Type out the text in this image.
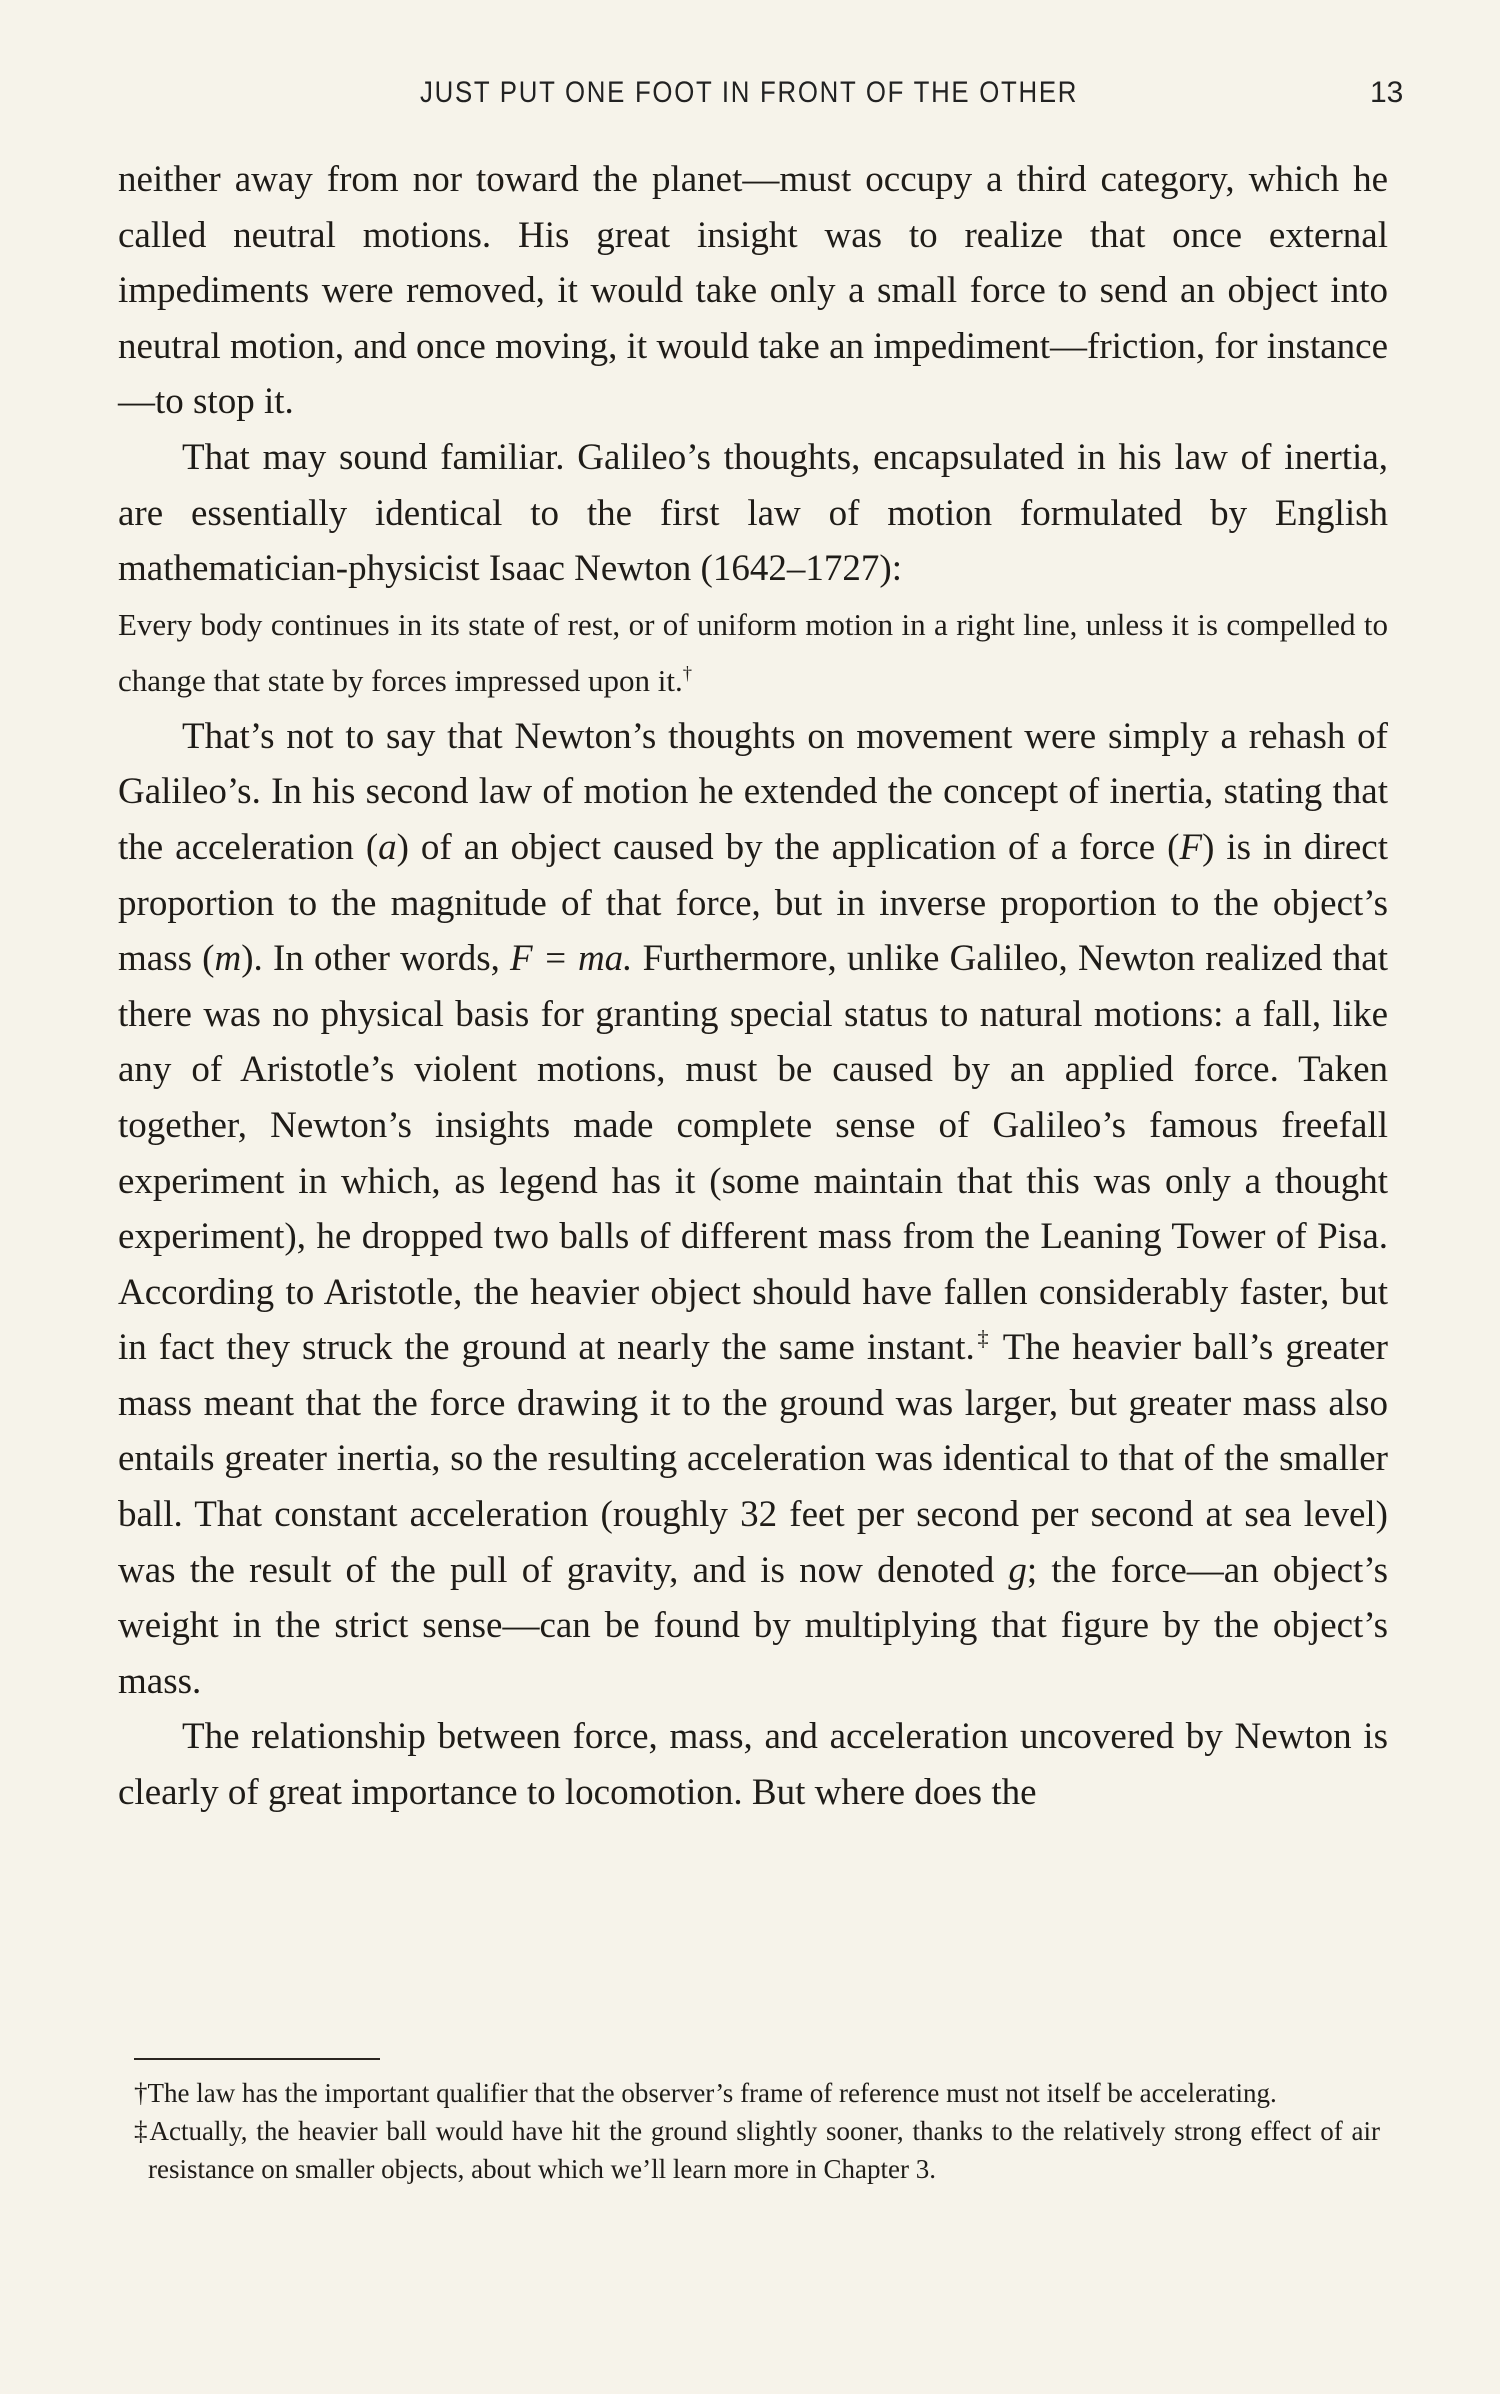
JUST PUT ONE FOOT IN FRONT OF THE OTHER	13

neither away from nor toward the planet—must occupy a third category, which he called neutral motions. His great insight was to realize that once external impediments were removed, it would take only a small force to send an object into neutral motion, and once moving, it would take an impediment—friction, for instance—to stop it.

That may sound familiar. Galileo’s thoughts, encapsulated in his law of inertia, are essentially identical to the first law of motion formulated by English mathematician-physicist Isaac Newton (1642–1727):

Every body continues in its state of rest, or of uniform motion in a right line, unless it is compelled to change that state by forces impressed upon it.†

That’s not to say that Newton’s thoughts on movement were simply a rehash of Galileo’s. In his second law of motion he extended the concept of inertia, stating that the acceleration (a) of an object caused by the application of a force (F) is in direct proportion to the magnitude of that force, but in inverse proportion to the object’s mass (m). In other words, F = ma. Furthermore, unlike Galileo, Newton realized that there was no physical basis for granting special status to natural motions: a fall, like any of Aristotle’s violent motions, must be caused by an applied force. Taken together, Newton’s insights made complete sense of Galileo’s famous freefall experiment in which, as legend has it (some maintain that this was only a thought experiment), he dropped two balls of different mass from the Leaning Tower of Pisa. According to Aristotle, the heavier object should have fallen considerably faster, but in fact they struck the ground at nearly the same instant.‡ The heavier ball’s greater mass meant that the force drawing it to the ground was larger, but greater mass also entails greater inertia, so the resulting acceleration was identical to that of the smaller ball. That constant acceleration (roughly 32 feet per second per second at sea level) was the result of the pull of gravity, and is now denoted g; the force—an object’s weight in the strict sense—can be found by multiplying that figure by the object’s mass.

The relationship between force, mass, and acceleration uncovered by Newton is clearly of great importance to locomotion. But where does the

†The law has the important qualifier that the observer’s frame of reference must not itself be accelerating.

‡Actually, the heavier ball would have hit the ground slightly sooner, thanks to the relatively strong effect of air resistance on smaller objects, about which we’ll learn more in Chapter 3.
